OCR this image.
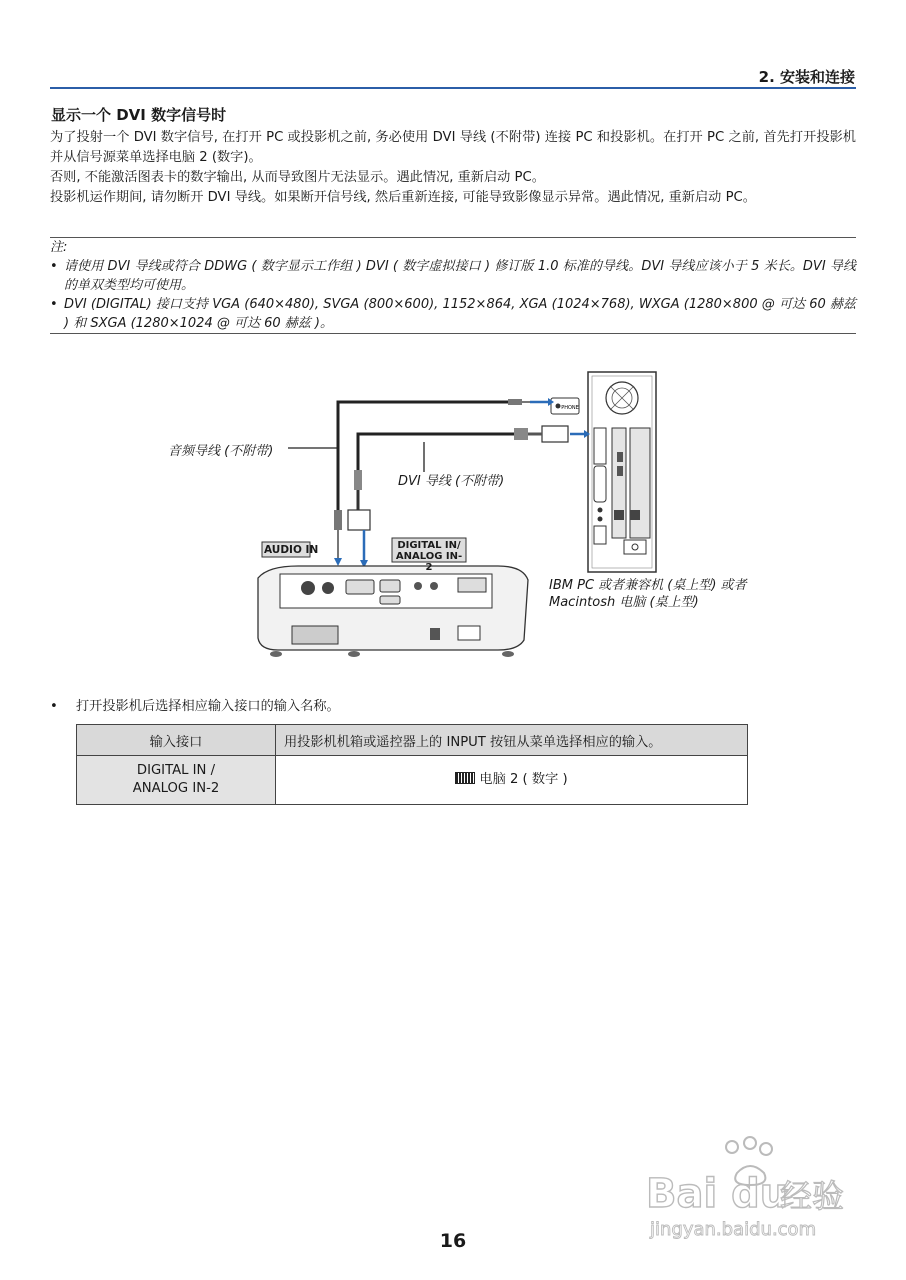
2. 安装和连接
显示一个 DVI 数字信号时
为了投射一个 DVI 数字信号, 在打开 PC 或投影机之前, 务必使用 DVI 导线 (不附带) 连接 PC 和投影机。在打开 PC 之前, 首先打开投影机并从信号源菜单选择电脑 2 (数字)。
否则, 不能激活图表卡的数字输出, 从而导致图片无法显示。遇此情况, 重新启动 PC。
投影机运作期间, 请勿断开 DVI 导线。如果断开信号线, 然后重新连接, 可能导致影像显示异常。遇此情况, 重新启动 PC。
注:
• 请使用 DVI 导线或符合 DDWG ( 数字显示工作组 ) DVI ( 数字虚拟接口 ) 修订版 1.0 标准的导线。DVI 导线应该小于 5 米长。DVI 导线的单双类型均可使用。
• DVI (DIGITAL) 接口支持 VGA (640×480), SVGA (800×600), 1152×864, XGA (1024×768), WXGA (1280×800 @ 可达 60 赫兹 ) 和 SXGA (1280×1024 @ 可达 60 赫兹 )。
PHONE
音频导线 (不附带)
DVI 导线 (不附带)
AUDIO IN	DIGITAL IN/
ANALOG IN-2
IBM PC 或者兼容机 (桌上型) 或者
Macintosh 电脑 (桌上型)
• 打开投影机后选择相应输入接口的输入名称。
输入接口	用投影机机箱或遥控器上的 INPUT 按钮从菜单选择相应的输入。

DIGITAL IN /
ANALOG IN-2	电脑 2 ( 数字 )
Bai du
经验
jingyan.baidu.com
16
